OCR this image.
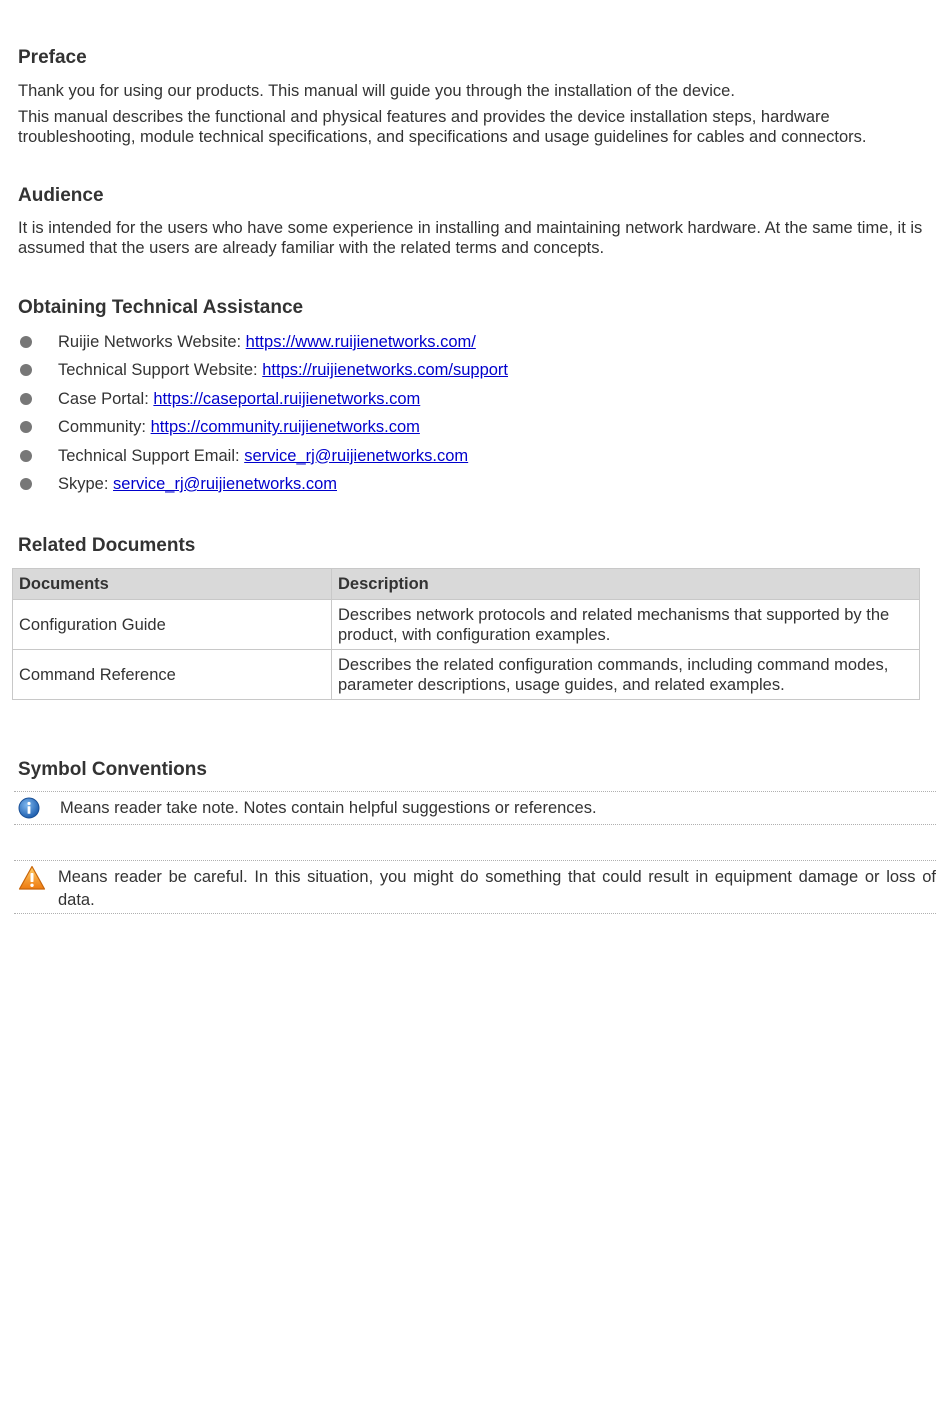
Preface

Thank you for using our products. This manual will guide you through the installation of the device.

This manual describes the functional and physical features and provides the device installation steps, hardware troubleshooting, module technical specifications, and specifications and usage guidelines for cables and connectors.

Audience

It is intended for the users who have some experience in installing and maintaining network hardware. At the same time, it is assumed that the users are already familiar with the related terms and concepts.

Obtaining Technical Assistance
Ruijie Networks Website: https://www.ruijienetworks.com/
Technical Support Website: https://ruijienetworks.com/support
Case Portal: https://caseportal.ruijienetworks.com
Community: https://community.ruijienetworks.com
Technical Support Email: service_rj@ruijienetworks.com
Skype: service_rj@ruijienetworks.com
Related Documents
Documents	Description
Configuration Guide	Describes network protocols and related mechanisms that supported by the product, with configuration examples.
Command Reference	Describes the related configuration commands, including command modes, parameter descriptions, usage guides, and related examples.
Symbol Conventions
Means reader take note. Notes contain helpful suggestions or references.
Means reader be careful. In this situation, you might do something that could result in equipment damage or loss of data.
